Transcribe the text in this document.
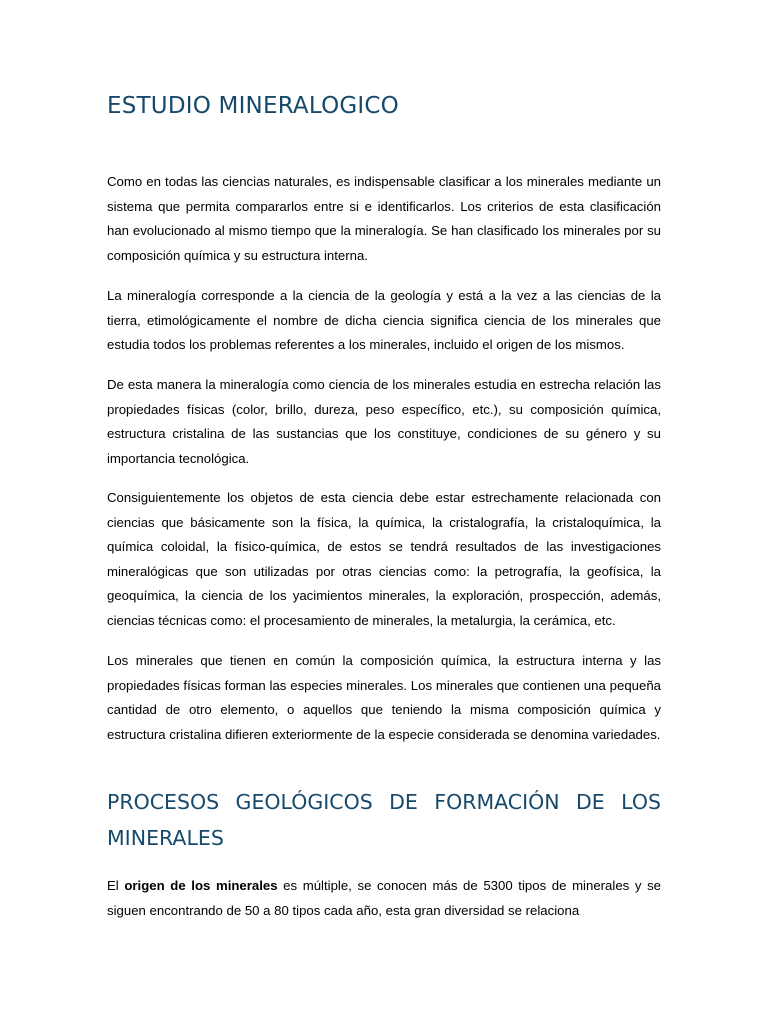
ESTUDIO MINERALOGICO

Como en todas las ciencias naturales, es indispensable clasificar a los minerales mediante un sistema que permita compararlos entre si e identificarlos. Los criterios de esta clasificación han evolucionado al mismo tiempo que la mineralogía. Se han clasificado los minerales por su composición química y su estructura interna.

La mineralogía corresponde a la ciencia de la geología y está a la vez a las ciencias de la tierra, etimológicamente el nombre de dicha ciencia significa ciencia de los minerales que estudia todos los problemas referentes a los minerales, incluido el origen de los mismos.

De esta manera la mineralogía como ciencia de los minerales estudia en estrecha relación las propiedades físicas (color, brillo, dureza, peso específico, etc.), su composición química, estructura cristalina de las sustancias que los constituye, condiciones de su género y su importancia tecnológica.

Consiguientemente los objetos de esta ciencia debe estar estrechamente relacionada con ciencias que básicamente son la física, la química, la cristalografía, la cristaloquímica, la química coloidal, la físico-química, de estos se tendrá resultados de las investigaciones mineralógicas que son utilizadas por otras ciencias como: la petrografía, la geofísica, la geoquímica, la ciencia de los yacimientos minerales, la exploración, prospección, además, ciencias técnicas como: el procesamiento de minerales, la metalurgia, la cerámica, etc.

Los minerales que tienen en común la composición química, la estructura interna y las propiedades físicas forman las especies minerales. Los minerales que contienen una pequeña cantidad de otro elemento, o aquellos que teniendo la misma composición química y estructura cristalina difieren exteriormente de la especie considerada se denomina variedades.

PROCESOS GEOLÓGICOS DE FORMACIÓN DE LOS MINERALES

El origen de los minerales es múltiple, se conocen más de 5300 tipos de minerales y se siguen encontrando de 50 a 80 tipos cada año, esta gran diversidad se relaciona
